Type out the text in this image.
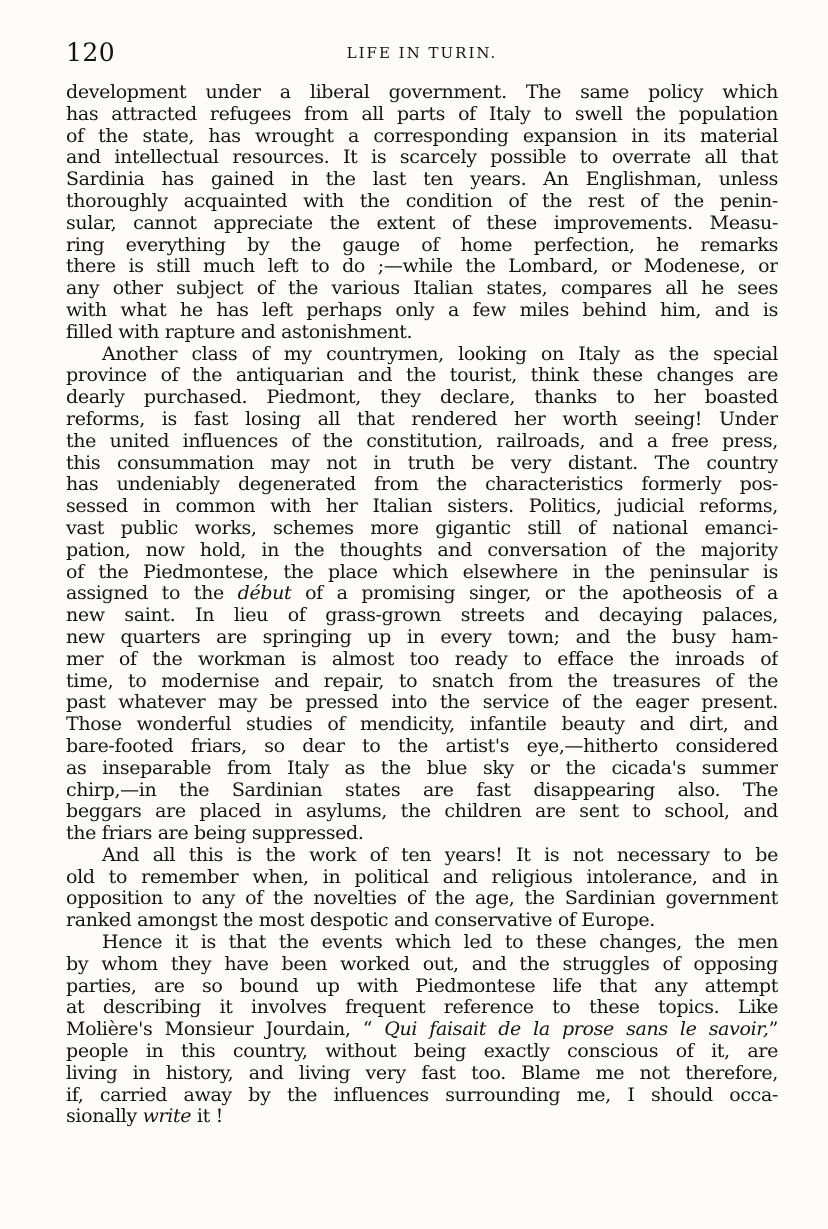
120	LIFE IN TURIN.
development under a liberal government. The same policy which
has attracted refugees from all parts of Italy to swell the population
of the state, has wrought a corresponding expansion in its material
and intellectual resources. It is scarcely possible to overrate all that
Sardinia has gained in the last ten years. An Englishman, unless
thoroughly acquainted with the condition of the rest of the penin-
sular, cannot appreciate the extent of these improvements. Measu-
ring everything by the gauge of home perfection, he remarks
there is still much left to do ;—while the Lombard, or Modenese, or
any other subject of the various Italian states, compares all he sees
with what he has left perhaps only a few miles behind him, and is
filled with rapture and astonishment.
Another class of my countrymen, looking on Italy as the special
province of the antiquarian and the tourist, think these changes are
dearly purchased. Piedmont, they declare, thanks to her boasted
reforms, is fast losing all that rendered her worth seeing! Under
the united influences of the constitution, railroads, and a free press,
this consummation may not in truth be very distant. The country
has undeniably degenerated from the characteristics formerly pos-
sessed in common with her Italian sisters. Politics, judicial reforms,
vast public works, schemes more gigantic still of national emanci-
pation, now hold, in the thoughts and conversation of the majority
of the Piedmontese, the place which elsewhere in the peninsular is
assigned to the début of a promising singer, or the apotheosis of a
new saint. In lieu of grass-grown streets and decaying palaces,
new quarters are springing up in every town; and the busy ham-
mer of the workman is almost too ready to efface the inroads of
time, to modernise and repair, to snatch from the treasures of the
past whatever may be pressed into the service of the eager present.
Those wonderful studies of mendicity, infantile beauty and dirt, and
bare-footed friars, so dear to the artist's eye,—hitherto considered
as inseparable from Italy as the blue sky or the cicada's summer
chirp,—in the Sardinian states are fast disappearing also. The
beggars are placed in asylums, the children are sent to school, and
the friars are being suppressed.
And all this is the work of ten years! It is not necessary to be
old to remember when, in political and religious intolerance, and in
opposition to any of the novelties of the age, the Sardinian government
ranked amongst the most despotic and conservative of Europe.
Hence it is that the events which led to these changes, the men
by whom they have been worked out, and the struggles of opposing
parties, are so bound up with Piedmontese life that any attempt
at describing it involves frequent reference to these topics. Like
Molière's Monsieur Jourdain, “ Qui faisait de la prose sans le savoir,”
people in this country, without being exactly conscious of it, are
living in history, and living very fast too. Blame me not therefore,
if, carried away by the influences surrounding me, I should occa-
sionally write it !
